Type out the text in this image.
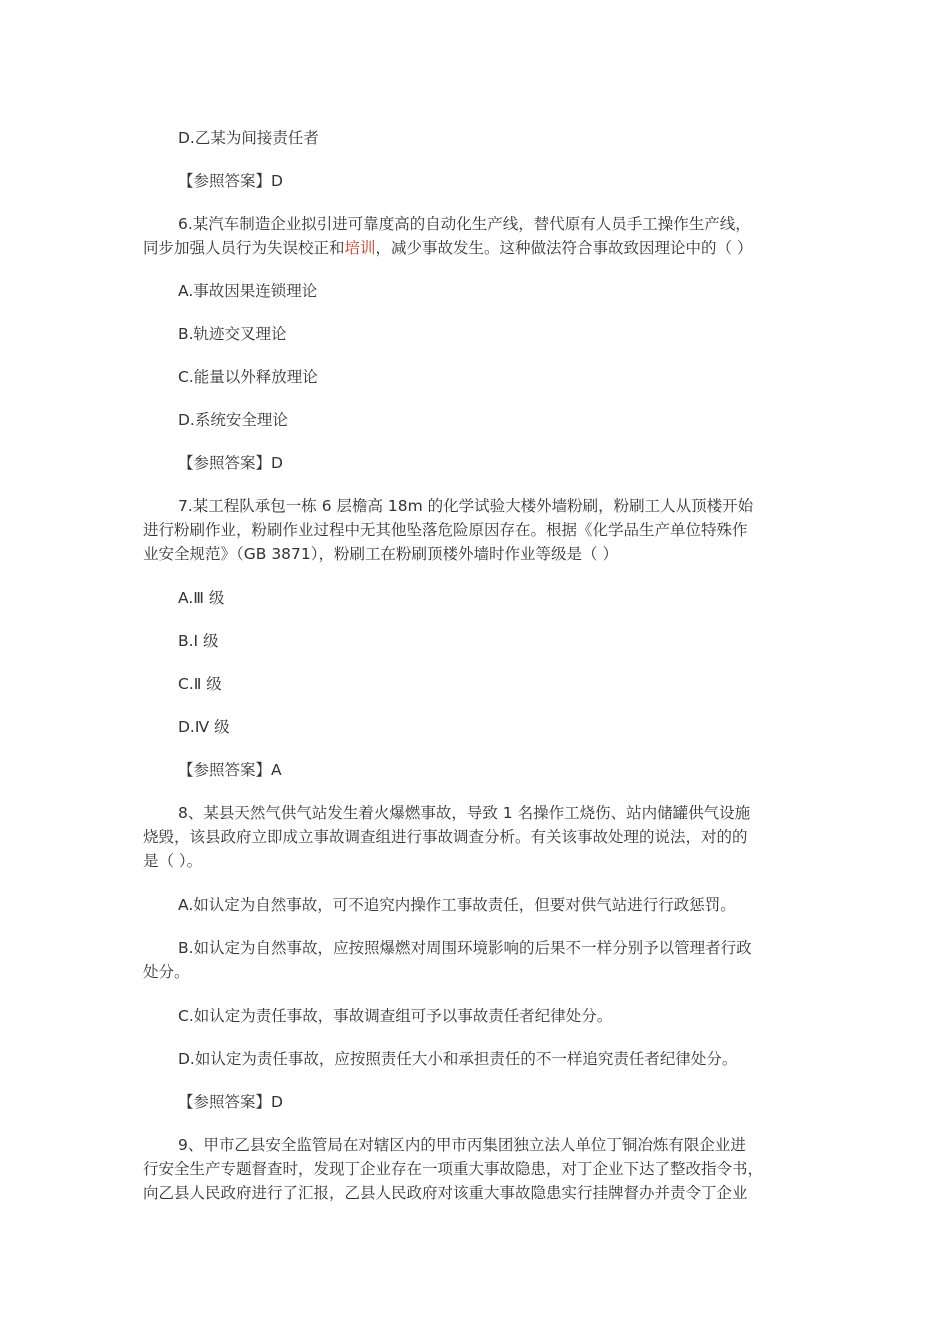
D.乙某为间接责任者

【参照答案】D

6.某汽车制造企业拟引进可靠度高的自动化生产线，替代原有人员手工操作生产线，
同步加强人员行为失误校正和培训，减少事故发生。这种做法符合事故致因理论中的（ ）

A.事故因果连锁理论

B.轨迹交叉理论

C.能量以外释放理论

D.系统安全理论

【参照答案】D

7.某工程队承包一栋 6 层檐高 18m 的化学试验大楼外墙粉刷，粉刷工人从顶楼开始
进行粉刷作业，粉刷作业过程中无其他坠落危险原因存在。根据《化学品生产单位特殊作
业安全规范》（GB 3871），粉刷工在粉刷顶楼外墙时作业等级是（ ）

A.Ⅲ 级

B.Ⅰ 级

C.Ⅱ 级

D.Ⅳ 级

【参照答案】A

8、某县天然气供气站发生着火爆燃事故，导致 1 名操作工烧伤、站内储罐供气设施
烧毁，该县政府立即成立事故调查组进行事故调查分析。有关该事故处理的说法，对的的
是（ ）。

A.如认定为自然事故，可不追究内操作工事故责任，但要对供气站进行行政惩罚。

B.如认定为自然事故，应按照爆燃对周围环境影响的后果不一样分别予以管理者行政
处分。

C.如认定为责任事故，事故调查组可予以事故责任者纪律处分。

D.如认定为责任事故，应按照责任大小和承担责任的不一样追究责任者纪律处分。

【参照答案】D

9、甲市乙县安全监管局在对辖区内的甲市丙集团独立法人单位丁铜冶炼有限企业进
行安全生产专题督查时，发现丁企业存在一项重大事故隐患，对丁企业下达了整改指令书，
向乙县人民政府进行了汇报，乙县人民政府对该重大事故隐患实行挂牌督办并责令丁企业
